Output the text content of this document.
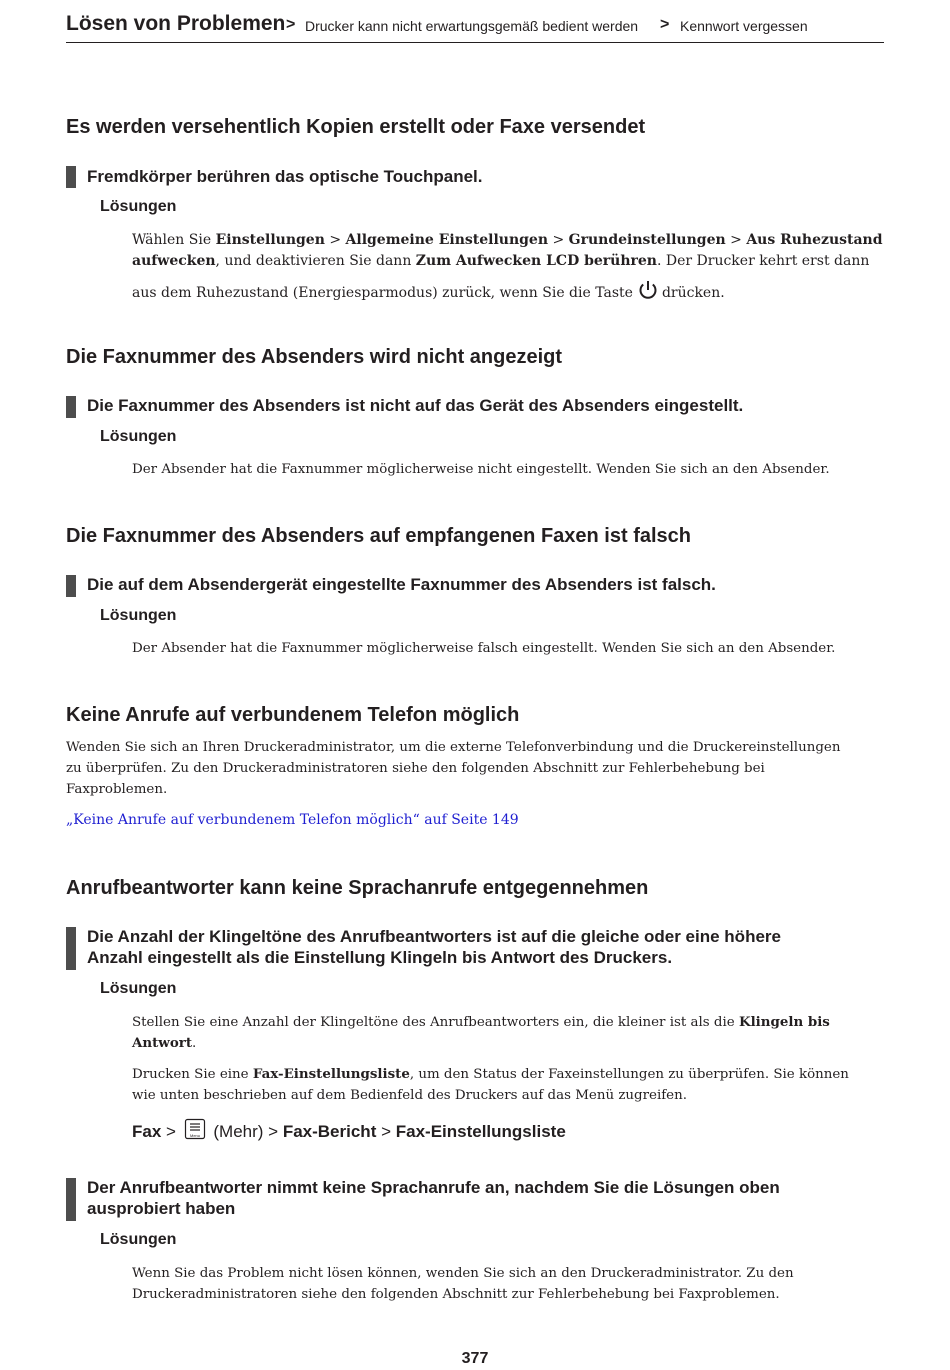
Lösen von Problemen > Drucker kann nicht erwartungsgemäß bedient werden > Kennwort vergessen
Es werden versehentlich Kopien erstellt oder Faxe versendet
Fremdkörper berühren das optische Touchpanel.
Lösungen
Wählen Sie Einstellungen > Allgemeine Einstellungen > Grundeinstellungen > Aus Ruhezustand
aufwecken, und deaktivieren Sie dann Zum Aufwecken LCD berühren. Der Drucker kehrt erst dann
aus dem Ruhezustand (Energiesparmodus) zurück, wenn Sie die Taste drücken.
Die Faxnummer des Absenders wird nicht angezeigt
Die Faxnummer des Absenders ist nicht auf das Gerät des Absenders eingestellt.
Lösungen
Der Absender hat die Faxnummer möglicherweise nicht eingestellt. Wenden Sie sich an den Absender.
Die Faxnummer des Absenders auf empfangenen Faxen ist falsch
Die auf dem Absendergerät eingestellte Faxnummer des Absenders ist falsch.
Lösungen
Der Absender hat die Faxnummer möglicherweise falsch eingestellt. Wenden Sie sich an den Absender.
Keine Anrufe auf verbundenem Telefon möglich
Wenden Sie sich an Ihren Druckeradministrator, um die externe Telefonverbindung und die Druckereinstellungen
zu überprüfen. Zu den Druckeradministratoren siehe den folgenden Abschnitt zur Fehlerbehebung bei
Faxproblemen.
„Keine Anrufe auf verbundenem Telefon möglich“ auf Seite 149
Anrufbeantworter kann keine Sprachanrufe entgegennehmen
Die Anzahl der Klingeltöne des Anrufbeantworters ist auf die gleiche oder eine höhere
Anzahl eingestellt als die Einstellung Klingeln bis Antwort des Druckers.
Lösungen
Stellen Sie eine Anzahl der Klingeltöne des Anrufbeantworters ein, die kleiner ist als die Klingeln bis
Antwort.
Drucken Sie eine Fax-Einstellungsliste, um den Status der Faxeinstellungen zu überprüfen. Sie können
wie unten beschrieben auf dem Bedienfeld des Druckers auf das Menü zugreifen.
Fax > Menu (Mehr) > Fax-Bericht > Fax-Einstellungsliste
Der Anrufbeantworter nimmt keine Sprachanrufe an, nachdem Sie die Lösungen oben
ausprobiert haben
Lösungen
Wenn Sie das Problem nicht lösen können, wenden Sie sich an den Druckeradministrator. Zu den
Druckeradministratoren siehe den folgenden Abschnitt zur Fehlerbehebung bei Faxproblemen.
377
